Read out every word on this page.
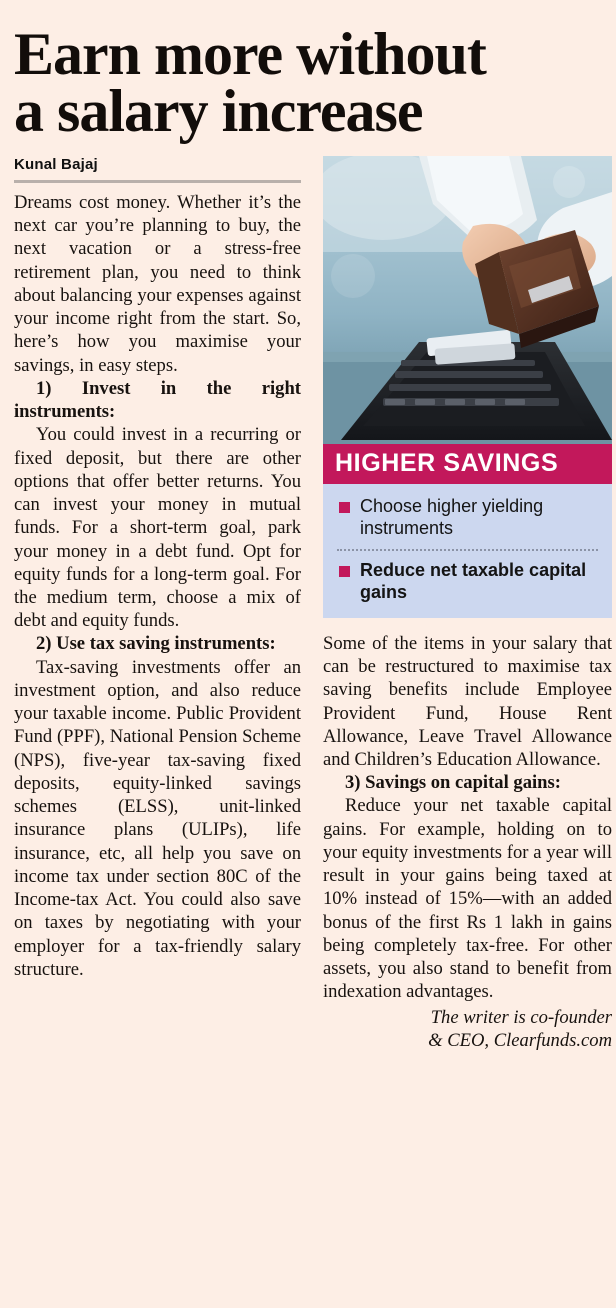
Earn more without
a salary increase
Kunal Bajaj

Dreams cost money. Whether it’s the next car you’re planning to buy, the next vacation or a stress-free retirement plan, you need to think about balancing your expenses against your income right from the start. So, here’s how you maximise your savings, in easy steps.

1) Invest in the right instruments:

You could invest in a recurring or fixed deposit, but there are other options that offer better returns. You can invest your money in mutual funds. For a short-term goal, park your money in a debt fund. Opt for equity funds for a long-term goal. For the medium term, choose a mix of debt and equity funds.

2) Use tax saving instruments:

Tax-saving investments offer an investment option, and also reduce your taxable income. Public Provident Fund (PPF), National Pension Scheme (NPS), five-year tax-saving fixed deposits, equity-linked savings schemes (ELSS), unit-linked insurance plans (ULIPs), life insurance, etc, all help you save on income tax under section 80C of the Income-tax Act. You could also save on taxes by negotiating with your employer for a tax-friendly salary structure.

HIGHER SAVINGS
Choose higher yielding instruments
Reduce net taxable capital gains

Some of the items in your salary that can be restructured to maximise tax saving benefits include Employee Provident Fund, House Rent Allowance, Leave Travel Allowance and Children’s Education Allowance.

3) Savings on capital gains:

Reduce your net taxable capital gains. For example, holding on to your equity investments for a year will result in your gains being taxed at 10% instead of 15%—with an added bonus of the first Rs 1 lakh in gains being completely tax-free. For other assets, you also stand to benefit from indexation advantages.

The writer is co-founder
& CEO, Clearfunds.com
